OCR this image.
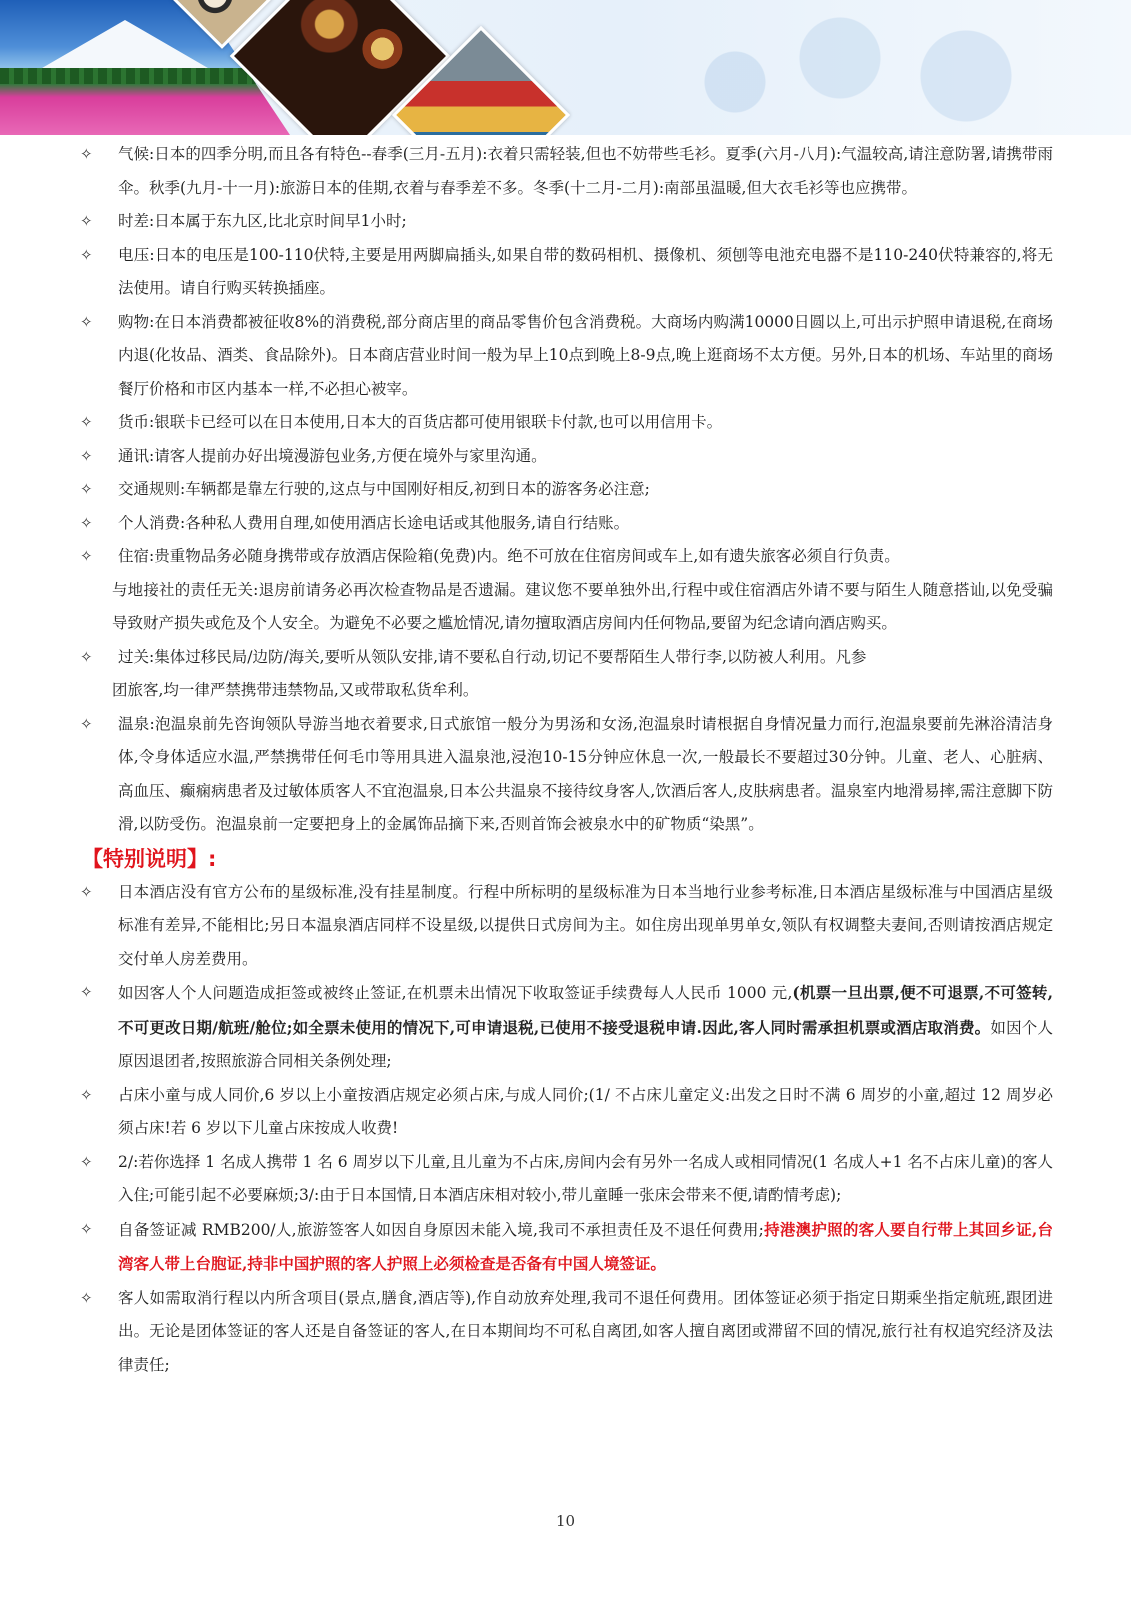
✧	气候:日本的四季分明,而且各有特色--春季(三月-五月):衣着只需轻装,但也不妨带些毛衫。夏季(六月-八月):气温较高,请注意防署,请携带雨伞。秋季(九月-十一月):旅游日本的佳期,衣着与春季差不多。冬季(十二月-二月):南部虽温暖,但大衣毛衫等也应携带。
✧	时差:日本属于东九区,比北京时间早1小时;
✧	电压:日本的电压是100-110伏特,主要是用两脚扁插头,如果自带的数码相机、摄像机、须刨等电池充电器不是110-240伏特兼容的,将无法使用。请自行购买转换插座。
✧	购物:在日本消费都被征收8%的消费税,部分商店里的商品零售价包含消费税。大商场内购满10000日圆以上,可出示护照申请退税,在商场内退(化妆品、酒类、食品除外)。日本商店营业时间一般为早上10点到晚上8-9点,晚上逛商场不太方便。另外,日本的机场、车站里的商场餐厅价格和市区内基本一样,不必担心被宰。
✧	货币:银联卡已经可以在日本使用,日本大的百货店都可使用银联卡付款,也可以用信用卡。
✧	通讯:请客人提前办好出境漫游包业务,方便在境外与家里沟通。
✧	交通规则:车辆都是靠左行驶的,这点与中国刚好相反,初到日本的游客务必注意;
✧	个人消费:各种私人费用自理,如使用酒店长途电话或其他服务,请自行结账。
✧	住宿:贵重物品务必随身携带或存放酒店保险箱(免费)内。绝不可放在住宿房间或车上,如有遗失旅客必须自行负责。
与地接社的责任无关:退房前请务必再次检查物品是否遗漏。建议您不要单独外出,行程中或住宿酒店外请不要与陌生人随意搭讪,以免受骗导致财产损失或危及个人安全。为避免不必要之尴尬情况,请勿擅取酒店房间内任何物品,要留为纪念请向酒店购买。
✧	过关:集体过移民局/边防/海关,要听从领队安排,请不要私自行动,切记不要帮陌生人带行李,以防被人利用。凡参
团旅客,均一律严禁携带违禁物品,又或带取私货牟利。
✧	温泉:泡温泉前先咨询领队导游当地衣着要求,日式旅馆一般分为男汤和女汤,泡温泉时请根据自身情况量力而行,泡温泉要前先淋浴清洁身体,令身体适应水温,严禁携带任何毛巾等用具进入温泉池,浸泡10-15分钟应休息一次,一般最长不要超过30分钟。儿童、老人、心脏病、高血压、癫痫病患者及过敏体质客人不宜泡温泉,日本公共温泉不接待纹身客人,饮酒后客人,皮肤病患者。温泉室内地滑易摔,需注意脚下防滑,以防受伤。泡温泉前一定要把身上的金属饰品摘下来,否则首饰会被泉水中的矿物质“染黑”。
【特别说明】:
✧	日本酒店没有官方公布的星级标准,没有挂星制度。行程中所标明的星级标准为日本当地行业参考标准,日本酒店星级标准与中国酒店星级标准有差异,不能相比;另日本温泉酒店同样不设星级,以提供日式房间为主。如住房出现单男单女,领队有权调整夫妻间,否则请按酒店规定交付单人房差费用。
✧	如因客人个人问题造成拒签或被终止签证,在机票未出情况下收取签证手续费每人人民币 1000 元,(机票一旦出票,便不可退票,不可签转,不可更改日期/航班/舱位;如全票未使用的情况下,可申请退税,已使用不接受退税申请.因此,客人同时需承担机票或酒店取消费。如因个人原因退团者,按照旅游合同相关条例处理;
✧	占床小童与成人同价,6 岁以上小童按酒店规定必须占床,与成人同价;(1/ 不占床儿童定义:出发之日时不满 6 周岁的小童,超过 12 周岁必须占床!若 6 岁以下儿童占床按成人收费!
✧	2/:若你选择 1 名成人携带 1 名 6 周岁以下儿童,且儿童为不占床,房间内会有另外一名成人或相同情况(1 名成人+1 名不占床儿童)的客人入住;可能引起不必要麻烦;3/:由于日本国情,日本酒店床相对较小,带儿童睡一张床会带来不便,请酌情考虑);
✧	自备签证减 RMB200/人,旅游签客人如因自身原因未能入境,我司不承担责任及不退任何费用;持港澳护照的客人要自行带上其回乡证,台湾客人带上台胞证,持非中国护照的客人护照上必须检查是否备有中国人境签证。
✧	客人如需取消行程以内所含项目(景点,膳食,酒店等),作自动放弃处理,我司不退任何费用。团体签证必须于指定日期乘坐指定航班,跟团进出。无论是团体签证的客人还是自备签证的客人,在日本期间均不可私自离团,如客人擅自离团或滞留不回的情况,旅行社有权追究经济及法律责任;
10
